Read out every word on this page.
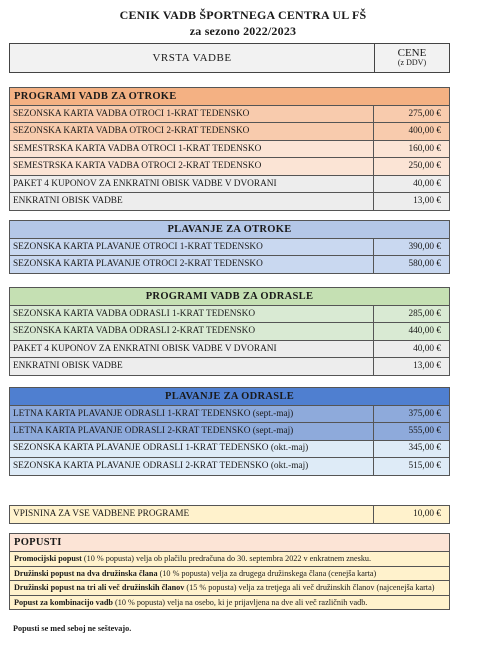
CENIK VADB ŠPORTNEGA CENTRA UL FŠ
za sezono 2022/2023
VRSTA VADBE	CENE
(z DDV)
PROGRAMI VADB ZA OTROKE	
SEZONSKA KARTA VADBA OTROCI 1-KRAT TEDENSKO	275,00 €
SEZONSKA KARTA VADBA OTROCI 2-KRAT TEDENSKO	400,00 €
SEMESTRSKA KARTA VADBA OTROCI 1-KRAT TEDENSKO	160,00 €
SEMESTRSKA KARTA VADBA OTROCI 2-KRAT TEDENSKO	250,00 €
PAKET 4 KUPONOV ZA ENKRATNI OBISK VADBE V DVORANI	40,00 €
ENKRATNI OBISK VADBE	13,00 €
PLAVANJE ZA OTROKE	
SEZONSKA KARTA PLAVANJE OTROCI 1-KRAT TEDENSKO	390,00 €
SEZONSKA KARTA PLAVANJE OTROCI 2-KRAT TEDENSKO	580,00 €
PROGRAMI VADB ZA ODRASLE	
SEZONSKA KARTA VADBA ODRASLI 1-KRAT TEDENSKO	285,00 €
SEZONSKA KARTA VADBA ODRASLI 2-KRAT TEDENSKO	440,00 €
PAKET 4 KUPONOV ZA ENKRATNI OBISK VADBE V DVORANI	40,00 €
ENKRATNI OBISK VADBE	13,00 €
PLAVANJE ZA ODRASLE	
LETNA KARTA PLAVANJE ODRASLI 1-KRAT TEDENSKO (sept.-maj)	375,00 €
LETNA KARTA PLAVANJE ODRASLI 2-KRAT TEDENSKO (sept.-maj)	555,00 €
SEZONSKA KARTA PLAVANJE ODRASLI 1-KRAT TEDENSKO (okt.-maj)	345,00 €
SEZONSKA KARTA PLAVANJE ODRASLI 2-KRAT TEDENSKO (okt.-maj)	515,00 €
VPISNINA ZA VSE VADBENE PROGRAME	10,00 €
POPUSTI
Promocijski popust (10 % popusta) velja ob plačilu predračuna do 30. septembra 2022 v enkratnem znesku.
Družinski popust na dva družinska člana (10 % popusta) velja za drugega družinskega člana (cenejša karta)
Družinski popust na tri ali več družinskih članov (15 % popusta) velja za tretjega ali več družinskih članov (najcenejša karta)
Popust za kombinacijo vadb (10 % popusta) velja na osebo, ki je prijavljena na dve ali več različnih vadb.
Popusti se med seboj ne seštevajo.
